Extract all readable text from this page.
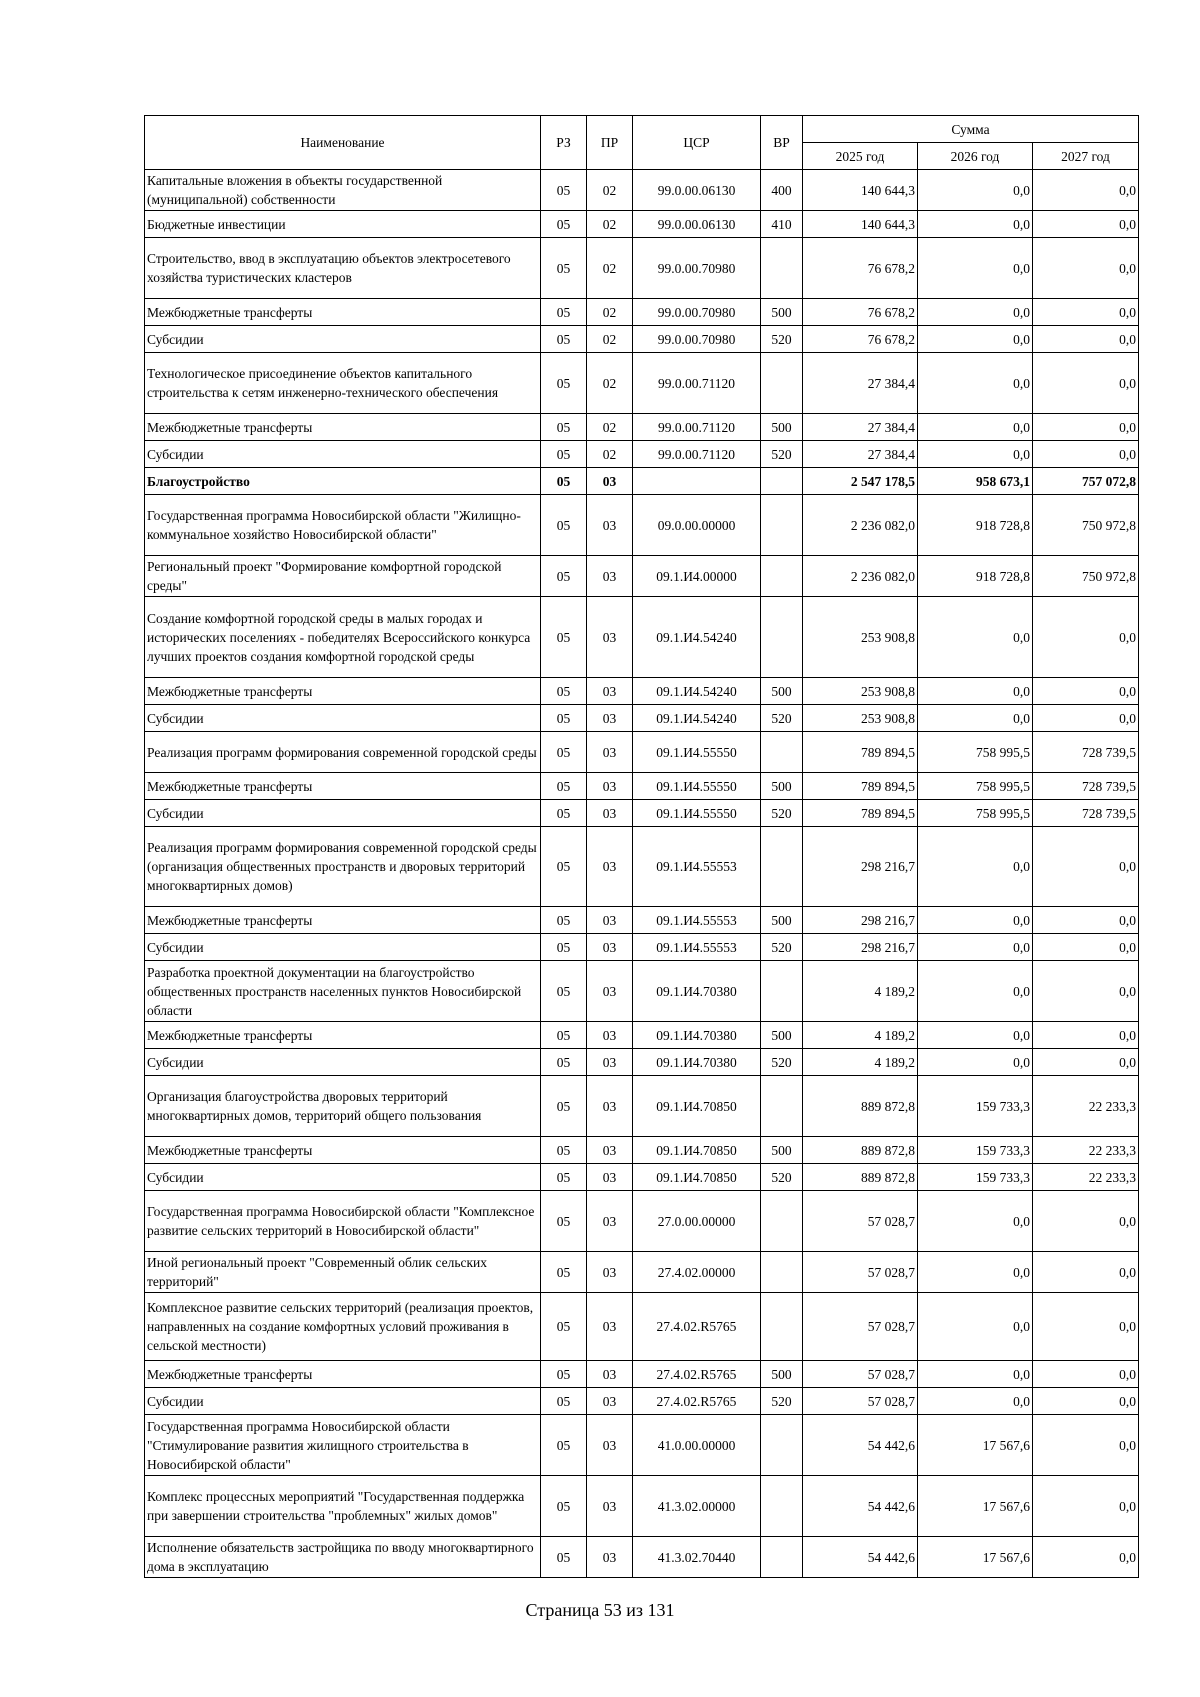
Наименование	РЗ	ПР	ЦСР	ВР	Сумма		
					2025 год	2026 год	2027 год
Капитальные вложения в объекты государственной (муниципальной) собственности	05	02	99.0.00.06130	400	140 644,3	0,0	0,0
Бюджетные инвестиции	05	02	99.0.00.06130	410	140 644,3	0,0	0,0
Строительство, ввод в эксплуатацию объектов электросетевого хозяйства туристических кластеров	05	02	99.0.00.70980		76 678,2	0,0	0,0
Межбюджетные трансферты	05	02	99.0.00.70980	500	76 678,2	0,0	0,0
Субсидии	05	02	99.0.00.70980	520	76 678,2	0,0	0,0
Технологическое присоединение объектов капитального строительства к сетям инженерно-технического обеспечения	05	02	99.0.00.71120		27 384,4	0,0	0,0
Межбюджетные трансферты	05	02	99.0.00.71120	500	27 384,4	0,0	0,0
Субсидии	05	02	99.0.00.71120	520	27 384,4	0,0	0,0
Благоустройство	05	03			2 547 178,5	958 673,1	757 072,8
Государственная программа Новосибирской области "Жилищно-коммунальное хозяйство Новосибирской области"	05	03	09.0.00.00000		2 236 082,0	918 728,8	750 972,8
Региональный проект "Формирование комфортной городской среды"	05	03	09.1.И4.00000		2 236 082,0	918 728,8	750 972,8
Создание комфортной городской среды в малых городах и исторических поселениях - победителях Всероссийского конкурса лучших проектов создания комфортной городской среды	05	03	09.1.И4.54240		253 908,8	0,0	0,0
Межбюджетные трансферты	05	03	09.1.И4.54240	500	253 908,8	0,0	0,0
Субсидии	05	03	09.1.И4.54240	520	253 908,8	0,0	0,0
Реализация программ формирования современной городской среды	05	03	09.1.И4.55550		789 894,5	758 995,5	728 739,5
Межбюджетные трансферты	05	03	09.1.И4.55550	500	789 894,5	758 995,5	728 739,5
Субсидии	05	03	09.1.И4.55550	520	789 894,5	758 995,5	728 739,5
Реализация программ формирования современной городской среды (организация общественных пространств и дворовых территорий многоквартирных домов)	05	03	09.1.И4.55553		298 216,7	0,0	0,0
Межбюджетные трансферты	05	03	09.1.И4.55553	500	298 216,7	0,0	0,0
Субсидии	05	03	09.1.И4.55553	520	298 216,7	0,0	0,0
Разработка проектной документации на благоустройство общественных пространств населенных пунктов Новосибирской области	05	03	09.1.И4.70380		4 189,2	0,0	0,0
Межбюджетные трансферты	05	03	09.1.И4.70380	500	4 189,2	0,0	0,0
Субсидии	05	03	09.1.И4.70380	520	4 189,2	0,0	0,0
Организация благоустройства дворовых территорий многоквартирных домов, территорий общего пользования	05	03	09.1.И4.70850		889 872,8	159 733,3	22 233,3
Межбюджетные трансферты	05	03	09.1.И4.70850	500	889 872,8	159 733,3	22 233,3
Субсидии	05	03	09.1.И4.70850	520	889 872,8	159 733,3	22 233,3
Государственная программа Новосибирской области "Комплексное развитие сельских территорий в Новосибирской области"	05	03	27.0.00.00000		57 028,7	0,0	0,0
Иной региональный проект "Современный облик сельских территорий"	05	03	27.4.02.00000		57 028,7	0,0	0,0
Комплексное развитие сельских территорий (реализация проектов, направленных на создание комфортных условий проживания в сельской местности)	05	03	27.4.02.R5765		57 028,7	0,0	0,0
Межбюджетные трансферты	05	03	27.4.02.R5765	500	57 028,7	0,0	0,0
Субсидии	05	03	27.4.02.R5765	520	57 028,7	0,0	0,0
Государственная программа Новосибирской области "Стимулирование развития жилищного строительства в Новосибирской области"	05	03	41.0.00.00000		54 442,6	17 567,6	0,0
Комплекс процессных мероприятий "Государственная поддержка при завершении строительства "проблемных" жилых домов"	05	03	41.3.02.00000		54 442,6	17 567,6	0,0
Исполнение обязательств застройщика по вводу многоквартирного дома в эксплуатацию	05	03	41.3.02.70440		54 442,6	17 567,6	0,0
Страница 53 из 131
